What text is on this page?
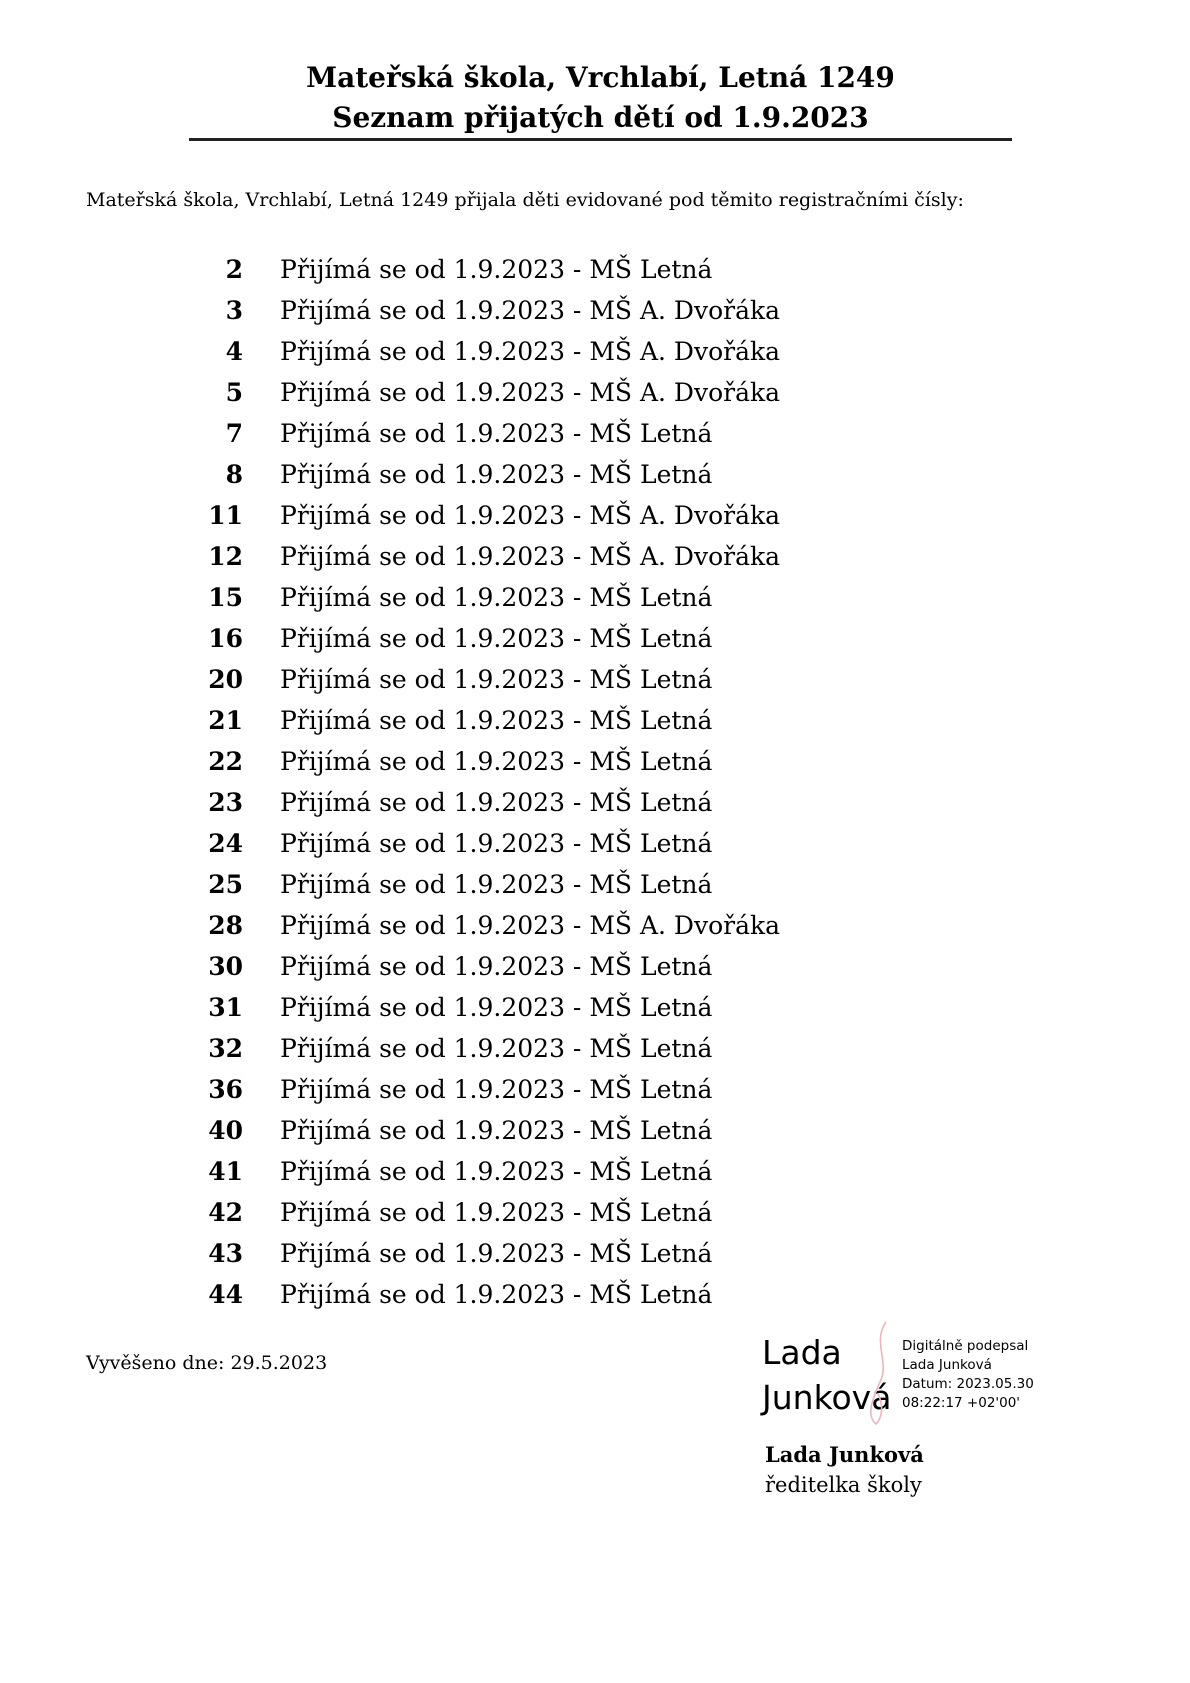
Mateřská škola, Vrchlabí, Letná 1249
Seznam přijatých dětí od 1.9.2023
Mateřská škola, Vrchlabí, Letná 1249 přijala děti evidované pod těmito registračními čísly:
2 Přijímá se od 1.9.2023 - MŠ Letná
3 Přijímá se od 1.9.2023 - MŠ A. Dvořáka
4 Přijímá se od 1.9.2023 - MŠ A. Dvořáka
5 Přijímá se od 1.9.2023 - MŠ A. Dvořáka
7 Přijímá se od 1.9.2023 - MŠ Letná
8 Přijímá se od 1.9.2023 - MŠ Letná
11 Přijímá se od 1.9.2023 - MŠ A. Dvořáka
12 Přijímá se od 1.9.2023 - MŠ A. Dvořáka
15 Přijímá se od 1.9.2023 - MŠ Letná
16 Přijímá se od 1.9.2023 - MŠ Letná
20 Přijímá se od 1.9.2023 - MŠ Letná
21 Přijímá se od 1.9.2023 - MŠ Letná
22 Přijímá se od 1.9.2023 - MŠ Letná
23 Přijímá se od 1.9.2023 - MŠ Letná
24 Přijímá se od 1.9.2023 - MŠ Letná
25 Přijímá se od 1.9.2023 - MŠ Letná
28 Přijímá se od 1.9.2023 - MŠ A. Dvořáka
30 Přijímá se od 1.9.2023 - MŠ Letná
31 Přijímá se od 1.9.2023 - MŠ Letná
32 Přijímá se od 1.9.2023 - MŠ Letná
36 Přijímá se od 1.9.2023 - MŠ Letná
40 Přijímá se od 1.9.2023 - MŠ Letná
41 Přijímá se od 1.9.2023 - MŠ Letná
42 Přijímá se od 1.9.2023 - MŠ Letná
43 Přijímá se od 1.9.2023 - MŠ Letná
44 Přijímá se od 1.9.2023 - MŠ Letná
Vyvěšeno dne: 29.5.2023	Lada
Junková
Digitálně podepsal
Lada Junková
Datum: 2023.05.30
08:22:17 +02'00'
Lada Junková
ředitelka školy
